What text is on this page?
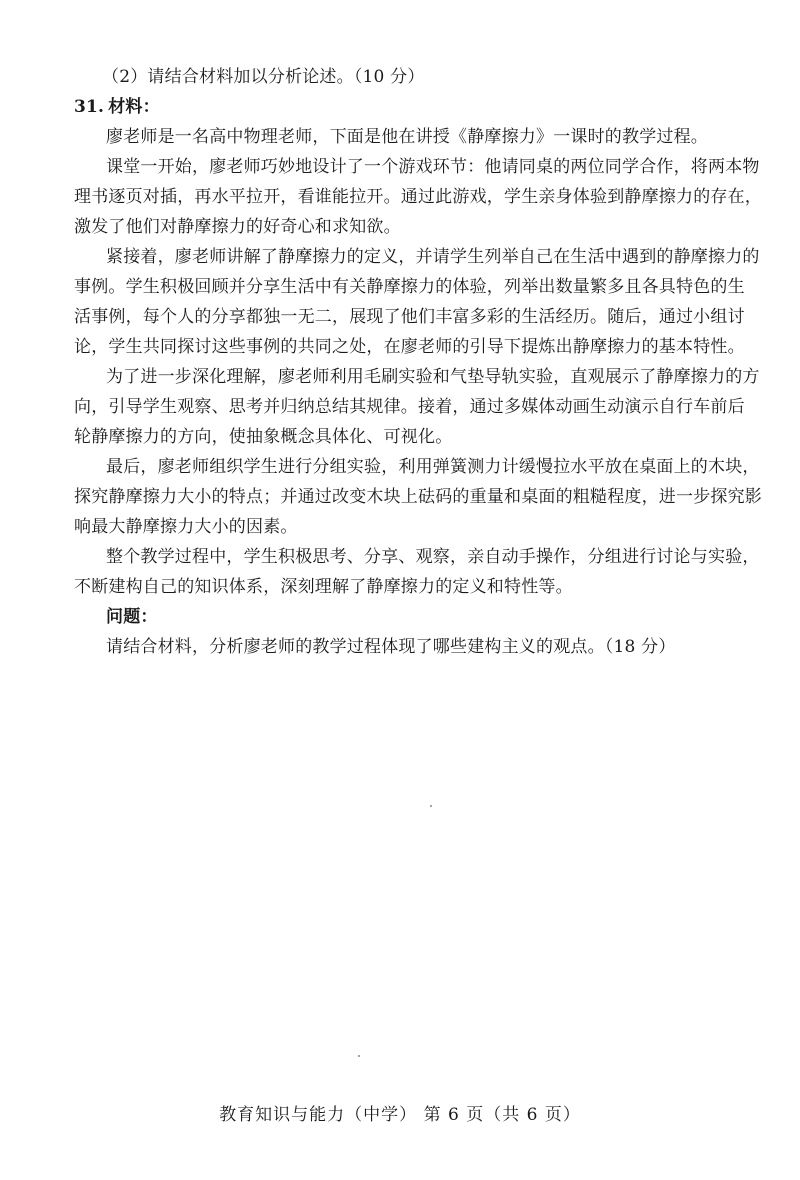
（2）请结合材料加以分析论述。（10 分）
31. 材料：
廖老师是一名高中物理老师，下面是他在讲授《静摩擦力》一课时的教学过程。
课堂一开始，廖老师巧妙地设计了一个游戏环节：他请同桌的两位同学合作，将两本物
理书逐页对插，再水平拉开，看谁能拉开。通过此游戏，学生亲身体验到静摩擦力的存在，
激发了他们对静摩擦力的好奇心和求知欲。
紧接着，廖老师讲解了静摩擦力的定义，并请学生列举自己在生活中遇到的静摩擦力的
事例。学生积极回顾并分享生活中有关静摩擦力的体验，列举出数量繁多且各具特色的生
活事例，每个人的分享都独一无二，展现了他们丰富多彩的生活经历。随后，通过小组讨
论，学生共同探讨这些事例的共同之处，在廖老师的引导下提炼出静摩擦力的基本特性。
为了进一步深化理解，廖老师利用毛刷实验和气垫导轨实验，直观展示了静摩擦力的方
向，引导学生观察、思考并归纳总结其规律。接着，通过多媒体动画生动演示自行车前后
轮静摩擦力的方向，使抽象概念具体化、可视化。
最后，廖老师组织学生进行分组实验，利用弹簧测力计缓慢拉水平放在桌面上的木块，
探究静摩擦力大小的特点；并通过改变木块上砝码的重量和桌面的粗糙程度，进一步探究影
响最大静摩擦力大小的因素。
整个教学过程中，学生积极思考、分享、观察，亲自动手操作，分组进行讨论与实验，
不断建构自己的知识体系，深刻理解了静摩擦力的定义和特性等。
问题：
请结合材料，分析廖老师的教学过程体现了哪些建构主义的观点。（18 分）
教育知识与能力（中学） 第 6 页（共 6 页）
